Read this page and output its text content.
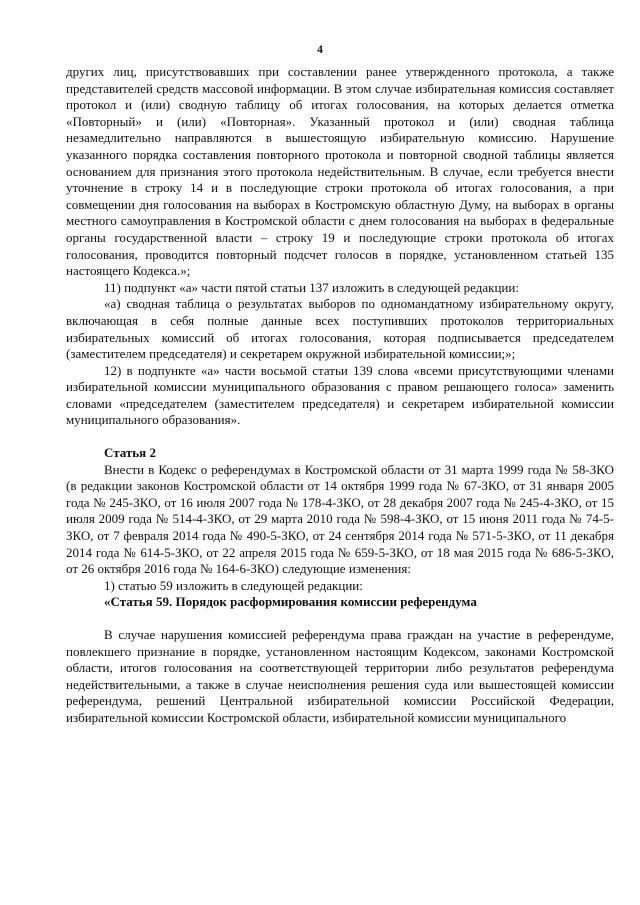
4

других лиц, присутствовавших при составлении ранее утвержденного протокола, а также представителей средств массовой информации. В этом случае избирательная комиссия составляет протокол и (или) сводную таблицу об итогах голосования, на которых делается отметка «Повторный» и (или) «Повторная». Указанный протокол и (или) сводная таблица незамедлительно направляются в вышестоящую избирательную комиссию. Нарушение указанного порядка составления повторного протокола и повторной сводной таблицы является основанием для признания этого протокола недействительным. В случае, если требуется внести уточнение в строку 14 и в последующие строки протокола об итогах голосования, а при совмещении дня голосования на выборах в Костромскую областную Думу, на выборах в органы местного самоуправления в Костромской области с днем голосования на выборах в федеральные органы государственной власти – строку 19 и последующие строки протокола об итогах голосования, проводится повторный подсчет голосов в порядке, установленном статьей 135 настоящего Кодекса.»;

11) подпункт «а» части пятой статьи 137 изложить в следующей редакции:

«а) сводная таблица о результатах выборов по одномандатному избирательному округу, включающая в себя полные данные всех поступивших протоколов территориальных избирательных комиссий об итогах голосования, которая подписывается председателем (заместителем председателя) и секретарем окружной избирательной комиссии;»;

12) в подпункте «а» части восьмой статьи 139 слова «всеми присутствующими членами избирательной комиссии муниципального образования с правом решающего голоса» заменить словами «председателем (заместителем председателя) и секретарем избирательной комиссии муниципального образования».

Статья 2

Внести в Кодекс о референдумах в Костромской области от 31 марта 1999 года № 58-ЗКО (в редакции законов Костромской области от 14 октября 1999 года № 67-ЗКО, от 31 января 2005 года № 245-ЗКО, от 16 июля 2007 года № 178-4-ЗКО, от 28 декабря 2007 года № 245-4-ЗКО, от 15 июля 2009 года № 514-4-ЗКО, от 29 марта 2010 года № 598-4-ЗКО, от 15 июня 2011 года № 74-5-ЗКО, от 7 февраля 2014 года № 490-5-ЗКО, от 24 сентября 2014 года № 571-5-ЗКО, от 11 декабря 2014 года № 614-5-ЗКО, от 22 апреля 2015 года № 659-5-ЗКО, от 18 мая 2015 года № 686-5-ЗКО, от 26 октября 2016 года № 164-6-ЗКО) следующие изменения:

1) статью 59 изложить в следующей редакции:

«Статья 59. Порядок расформирования комиссии референдума

В случае нарушения комиссией референдума права граждан на участие в референдуме, повлекшего признание в порядке, установленном настоящим Кодексом, законами Костромской области, итогов голосования на соответствующей территории либо результатов референдума недействительными, а также в случае неисполнения решения суда или вышестоящей комиссии референдума, решений Центральной избирательной комиссии Российской Федерации, избирательной комиссии Костромской области, избирательной комиссии муниципального
